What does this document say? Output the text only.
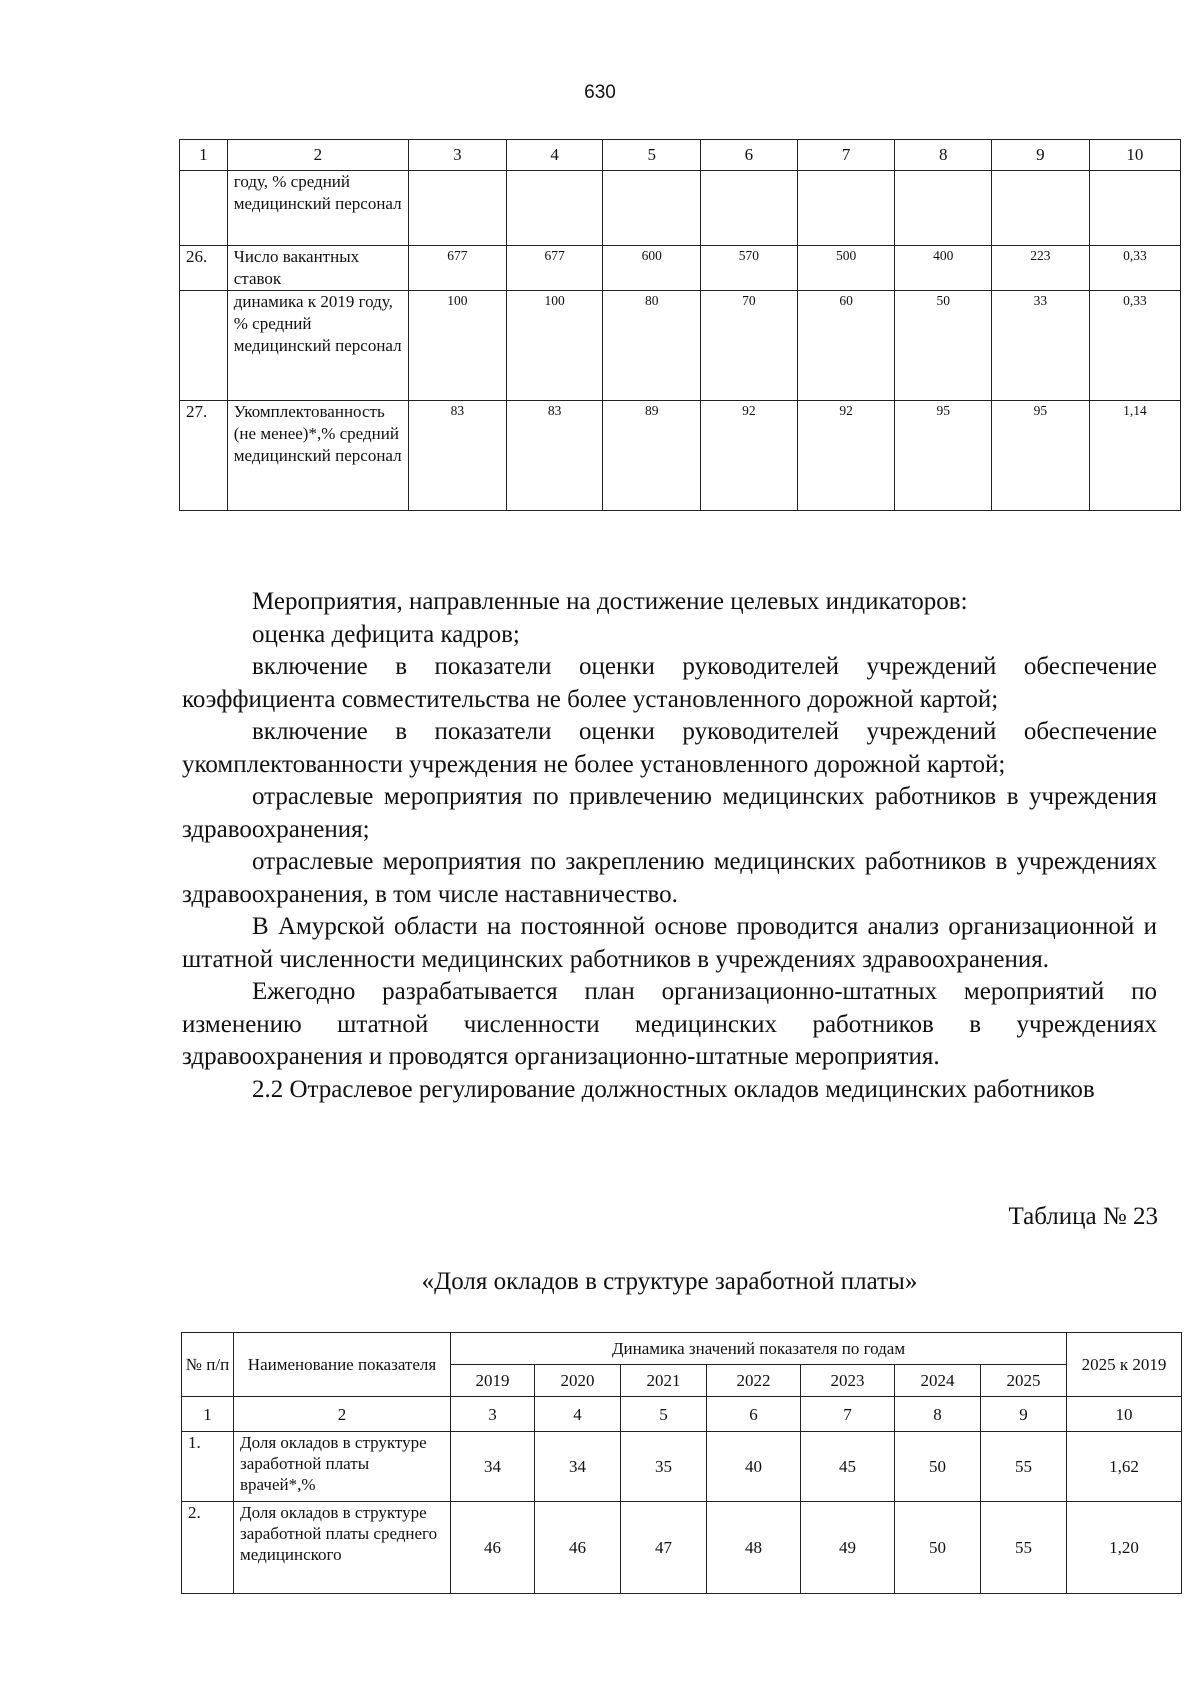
630
1	2	3	4	5	6	7	8	9	10
	году, % средний медицинский персонал								
26.	Число вакантных ставок	677	677	600	570	500	400	223	0,33
	динамика к 2019 году, % средний медицинский персонал	100	100	80	70	60	50	33	0,33
27.	Укомплектованность (не менее)*,% средний медицинский персонал	83	83	89	92	92	95	95	1,14

Мероприятия, направленные на достижение целевых индикаторов:

оценка дефицита кадров;

включение в показатели оценки руководителей учреждений обеспечение коэффициента совместительства не более установленного дорожной картой;

включение в показатели оценки руководителей учреждений обеспечение укомплектованности учреждения не более установленного дорожной картой;

отраслевые мероприятия по привлечению медицинских работников в учреждения здравоохранения;

отраслевые мероприятия по закреплению медицинских работников в учреждениях здравоохранения, в том числе наставничество.

В Амурской области на постоянной основе проводится анализ организационной и штатной численности медицинских работников в учреждениях здравоохранения.

Ежегодно разрабатывается план организационно-штатных мероприятий по изменению штатной численности медицинских работников в учреждениях здравоохранения и проводятся организационно-штатные мероприятия.

2.2 Отраслевое регулирование должностных окладов медицинских работников

Таблица № 23
«Доля окладов в структуре заработной платы»
№ п/п	Наименование показателя	Динамика значений показателя по годам							2025 к 2019
		2019	2020	2021	2022	2023	2024	2025	
1	2	3	4	5	6	7	8	9	10
1.	Доля окладов в структуре заработной платы врачей*,%	34	34	35	40	45	50	55	1,62
2.	Доля окладов в структуре заработной платы среднего медицинского	46	46	47	48	49	50	55	1,20
